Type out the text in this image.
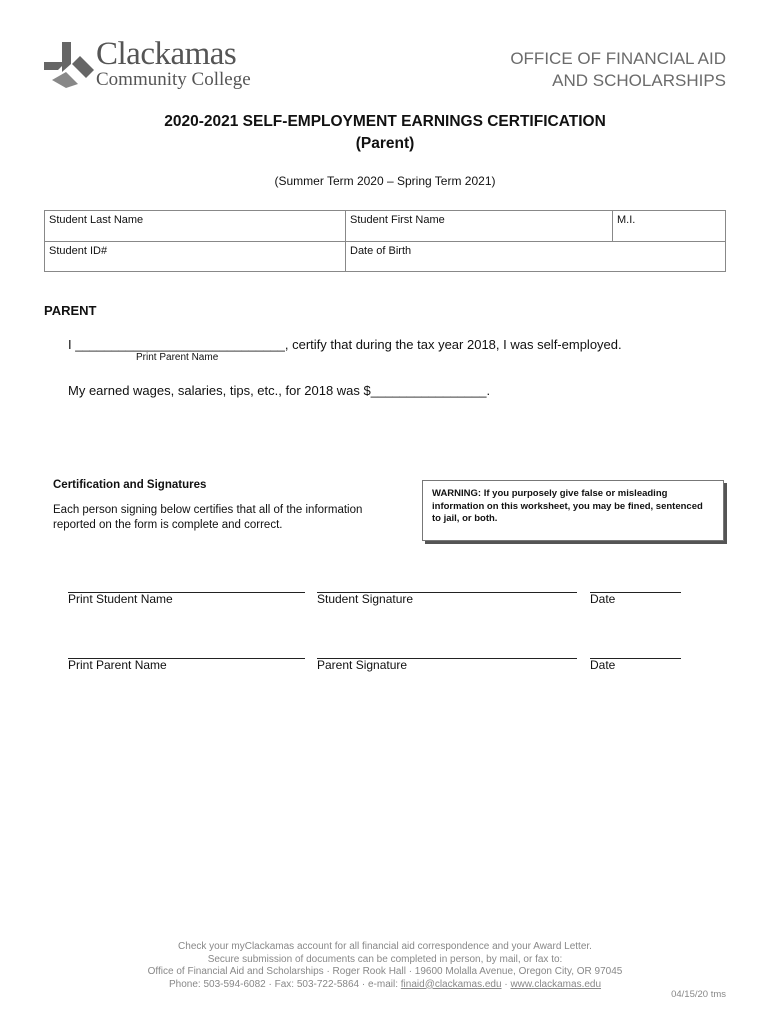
Clackamas
Community College
OFFICE OF FINANCIAL AID
AND SCHOLARSHIPS
2020-2021 SELF-EMPLOYMENT EARNINGS CERTIFICATION
(Parent)
(Summer Term 2020 – Spring Term 2021)
Student Last Name	Student First Name	M.I.
Student ID#	Date of Birth
PARENT
I _____________________________, certify that during the tax year 2018, I was self-employed.
Print Parent Name
My earned wages, salaries, tips, etc., for 2018 was $________________.
Certification and Signatures
Each person signing below certifies that all of the information reported on the form is complete and correct.
WARNING: If you purposely give false or misleading information on this worksheet, you may be fined, sentenced to jail, or both.
Print Student Name	Student Signature	Date
Print Parent Name	Parent Signature	Date
Check your myClackamas account for all financial aid correspondence and your Award Letter.
Secure submission of documents can be completed in person, by mail, or fax to:
Office of Financial Aid and Scholarships · Roger Rook Hall · 19600 Molalla Avenue, Oregon City, OR 97045
Phone: 503-594-6082 · Fax: 503-722-5864 · e-mail: finaid@clackamas.edu · www.clackamas.edu
04/15/20 tms
